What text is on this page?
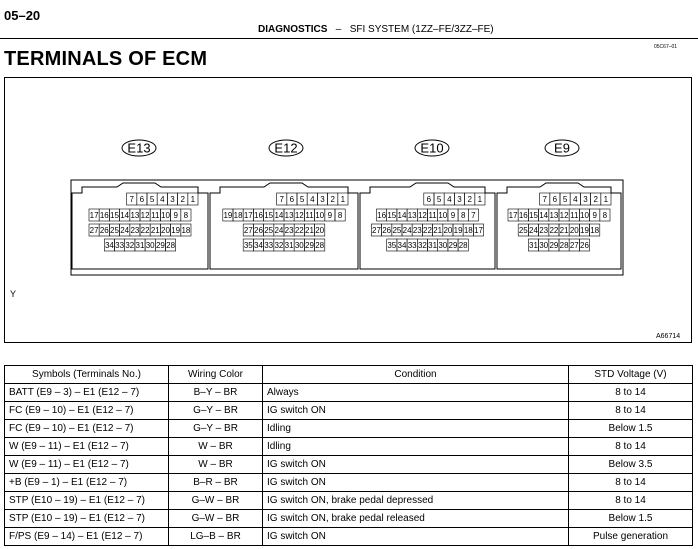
05–20
DIAGNOSTICS – SFI SYSTEM (1ZZ–FE/3ZZ–FE)
05C67–01
TERMINALS OF ECM
E13
7 6 5 4 3 2 1
17 16 15 14 13 12 11 10 9 8
27 26 25 24 23 22 21 20 19 18
34 33 32 31 30 29 28
E12
7 6 5 4 3 2 1
19 18 17 16 15 14 13 12 11 10 9 8
27 26 25 24 23 22 21 20
35 34 33 32 31 30 29 28
E10
6 5 4 3 2 1
16 15 14 13 12 11 10 9 8 7
27 26 25 24 23 22 21 20 19 18 17
35 34 33 32 31 30 29 28
E9
7 6 5 4 3 2 1
17 16 15 14 13 12 11 10 9 8
25 24 23 22 21 20 19 18
31 30 29 28 27 26
Y
A66714
Symbols (Terminals No.)	Wiring Color	Condition	STD Voltage (V)
BATT (E9 – 3) – E1 (E12 – 7)	B–Y – BR	Always	8 to 14
FC (E9 – 10) – E1 (E12 – 7)	G–Y – BR	IG switch ON	8 to 14
FC (E9 – 10) – E1 (E12 – 7)	G–Y – BR	Idling	Below 1.5
W (E9 – 11) – E1 (E12 – 7)	W – BR	Idling	8 to 14
W (E9 – 11) – E1 (E12 – 7)	W – BR	IG switch ON	Below 3.5
+B (E9 – 1) – E1 (E12 – 7)	B–R – BR	IG switch ON	8 to 14
STP (E10 – 19) – E1 (E12 – 7)	G–W – BR	IG switch ON, brake pedal depressed	8 to 14
STP (E10 – 19) – E1 (E12 – 7)	G–W – BR	IG switch ON, brake pedal released	Below 1.5
F/PS (E9 – 14) – E1 (E12 – 7)	LG–B – BR	IG switch ON	Pulse generation
